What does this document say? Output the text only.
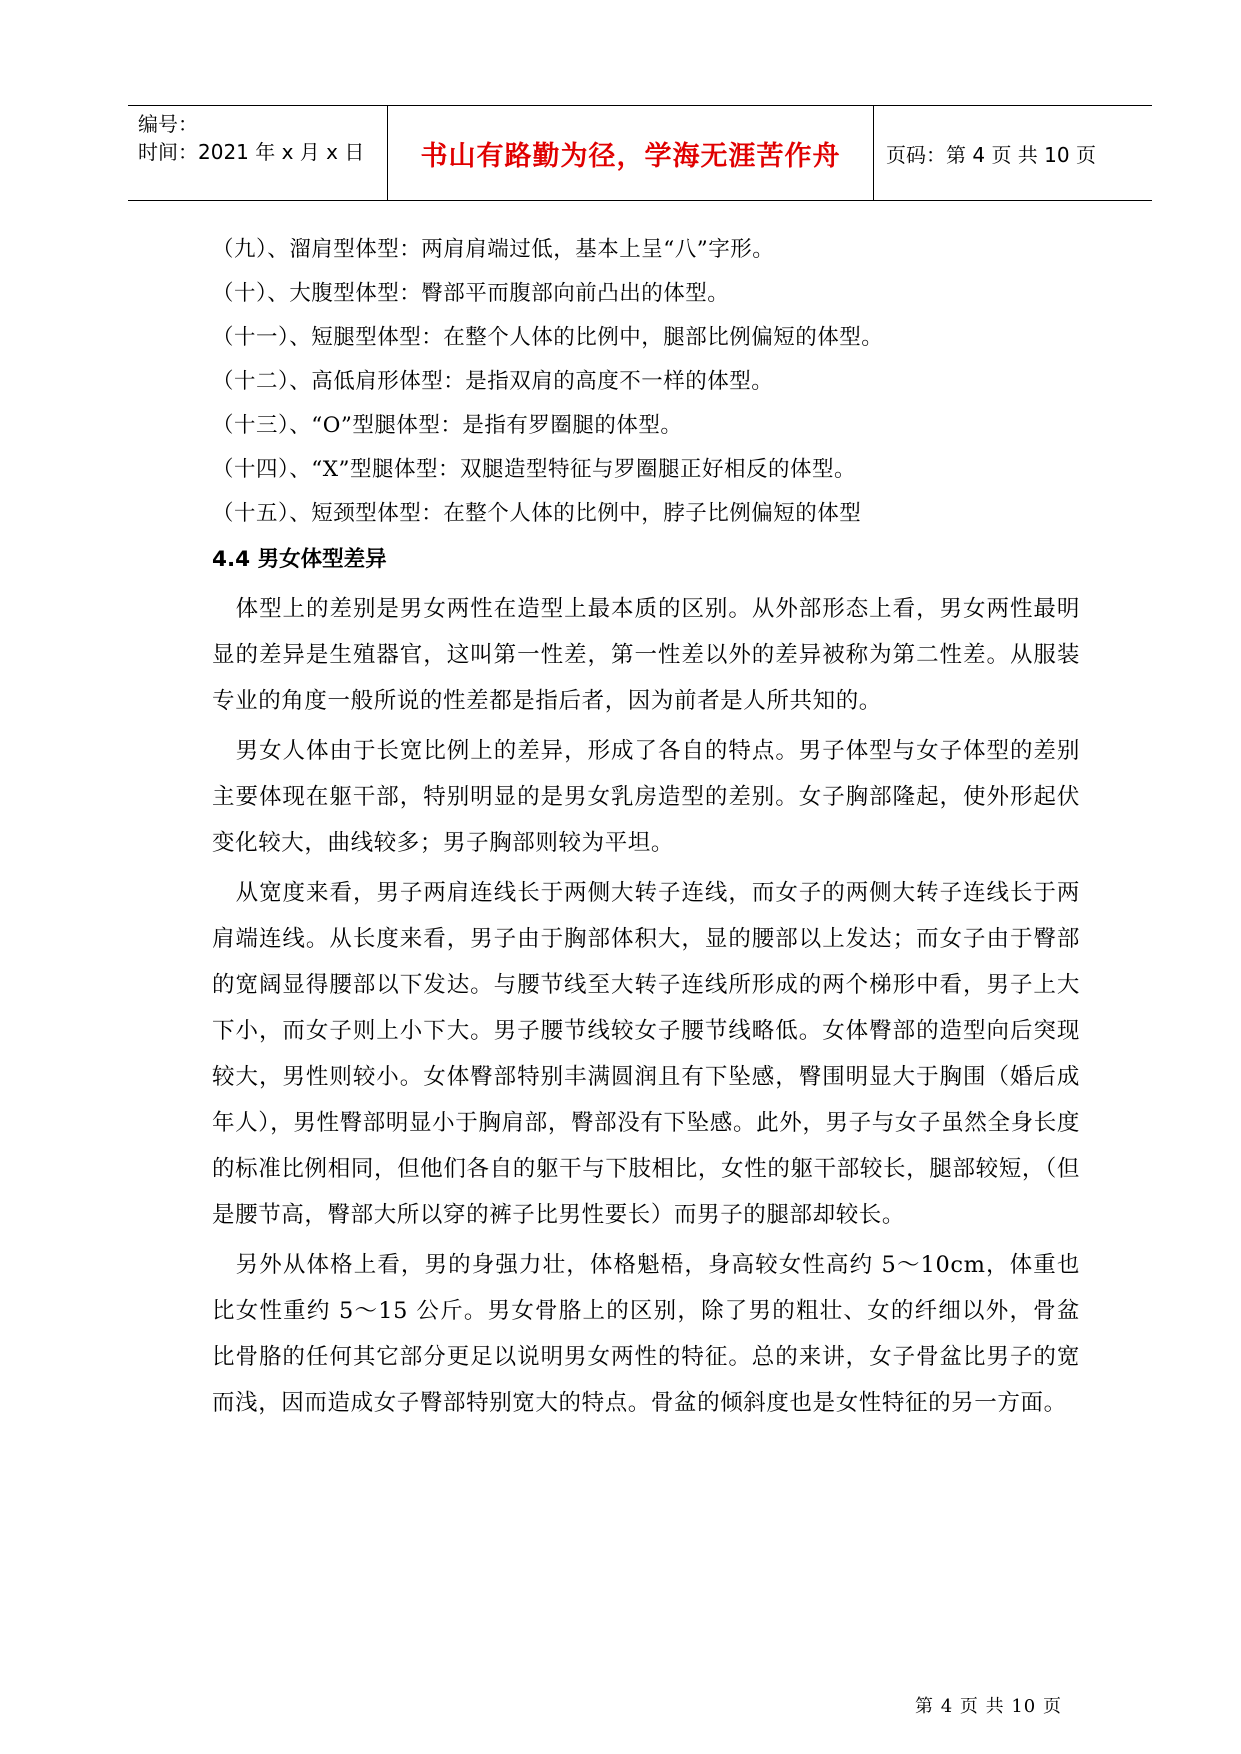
编号：
时间：2021 年 x 月 x 日 书山有路勤为径，学海无涯苦作舟 页码：第 4 页 共 10 页
（九）、溜肩型体型：两肩肩端过低，基本上呈“八”字形。
（十）、大腹型体型：臀部平而腹部向前凸出的体型。
（十一）、短腿型体型：在整个人体的比例中，腿部比例偏短的体型。
（十二）、高低肩形体型：是指双肩的高度不一样的体型。
（十三）、“O”型腿体型：是指有罗圈腿的体型。
（十四）、“X”型腿体型：双腿造型特征与罗圈腿正好相反的体型。
（十五）、短颈型体型：在整个人体的比例中，脖子比例偏短的体型
4.4 男女体型差异

体型上的差别是男女两性在造型上最本质的区别。从外部形态上看，男女两性最明显的差异是生殖器官，这叫第一性差，第一性差以外的差异被称为第二性差。从服装专业的角度一般所说的性差都是指后者，因为前者是人所共知的。

男女人体由于长宽比例上的差异，形成了各自的特点。男子体型与女子体型的差别主要体现在躯干部，特别明显的是男女乳房造型的差别。女子胸部隆起，使外形起伏变化较大，曲线较多；男子胸部则较为平坦。

从宽度来看，男子两肩连线长于两侧大转子连线，而女子的两侧大转子连线长于两肩端连线。从长度来看，男子由于胸部体积大，显的腰部以上发达；而女子由于臀部的宽阔显得腰部以下发达。与腰节线至大转子连线所形成的两个梯形中看，男子上大下小，而女子则上小下大。男子腰节线较女子腰节线略低。女体臀部的造型向后突现较大，男性则较小。女体臀部特别丰满圆润且有下坠感，臀围明显大于胸围（婚后成年人），男性臀部明显小于胸肩部，臀部没有下坠感。此外，男子与女子虽然全身长度的标准比例相同，但他们各自的躯干与下肢相比，女性的躯干部较长，腿部较短，（但是腰节高，臀部大所以穿的裤子比男性要长）而男子的腿部却较长。

另外从体格上看，男的身强力壮，体格魁梧，身高较女性高约 5～10cm，体重也比女性重约 5～15 公斤。男女骨胳上的区别，除了男的粗壮、女的纤细以外，骨盆比骨胳的任何其它部分更足以说明男女两性的特征。总的来讲，女子骨盆比男子的宽而浅，因而造成女子臀部特别宽大的特点。骨盆的倾斜度也是女性特征的另一方面。

第 4 页 共 10 页
